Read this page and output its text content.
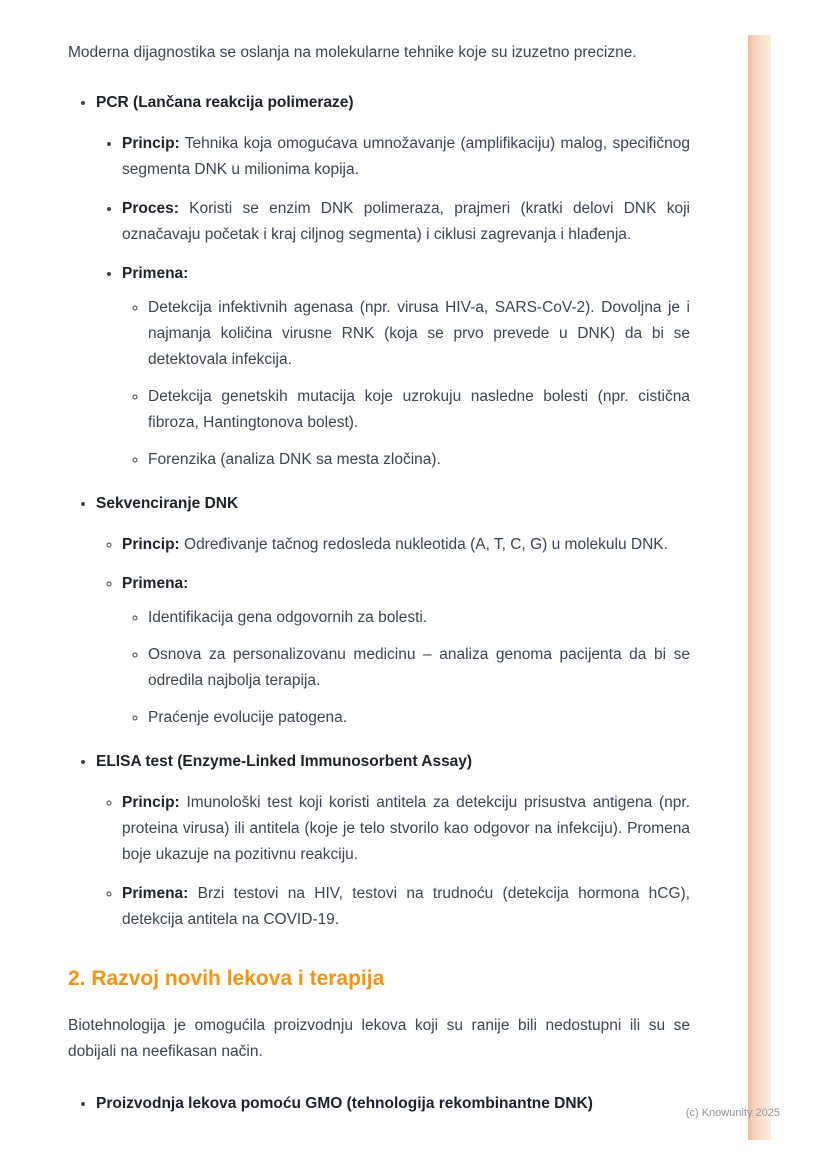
Moderna dijagnostika se oslanja na molekularne tehnike koje su izuzetno precizne.

• PCR (Lančana reakcija polimeraze)
• Princip: Tehnika koja omogućava umnožavanje (amplifikaciju) malog, specifičnog segmenta DNK u milionima kopija.
• Proces: Koristi se enzim DNK polimeraza, prajmeri (kratki delovi DNK koji označavaju početak i kraj ciljnog segmenta) i ciklusi zagrevanja i hlađenja.
• Primena:
◦ Detekcija infektivnih agenasa (npr. virusa HIV-a, SARS-CoV-2). Dovoljna je i najmanja količina virusne RNK (koja se prvo prevede u DNK) da bi se detektovala infekcija.
◦ Detekcija genetskih mutacija koje uzrokuju nasledne bolesti (npr. cistična fibroza, Hantingtonova bolest).
◦ Forenzika (analiza DNK sa mesta zločina).
• Sekvenciranje DNK
◦ Princip: Određivanje tačnog redosleda nukleotida (A, T, C, G) u molekulu DNK.
◦ Primena:
◦ Identifikacija gena odgovornih za bolesti.
◦ Osnova za personalizovanu medicinu – analiza genoma pacijenta da bi se odredila najbolja terapija.
◦ Praćenje evolucije patogena.
• ELISA test (Enzyme-Linked Immunosorbent Assay)
◦ Princip: Imunološki test koji koristi antitela za detekciju prisustva antigena (npr. proteina virusa) ili antitela (koje je telo stvorilo kao odgovor na infekciju). Promena boje ukazuje na pozitivnu reakciju.
◦ Primena: Brzi testovi na HIV, testovi na trudnoću (detekcija hormona hCG), detekcija antitela na COVID-19.
2. Razvoj novih lekova i terapija

Biotehnologija je omogućila proizvodnju lekova koji su ranije bili nedostupni ili su se dobijali na neefikasan način.

• Proizvodnja lekova pomoću GMO (tehnologija rekombinantne DNK)
(c) Knowunity 2025
